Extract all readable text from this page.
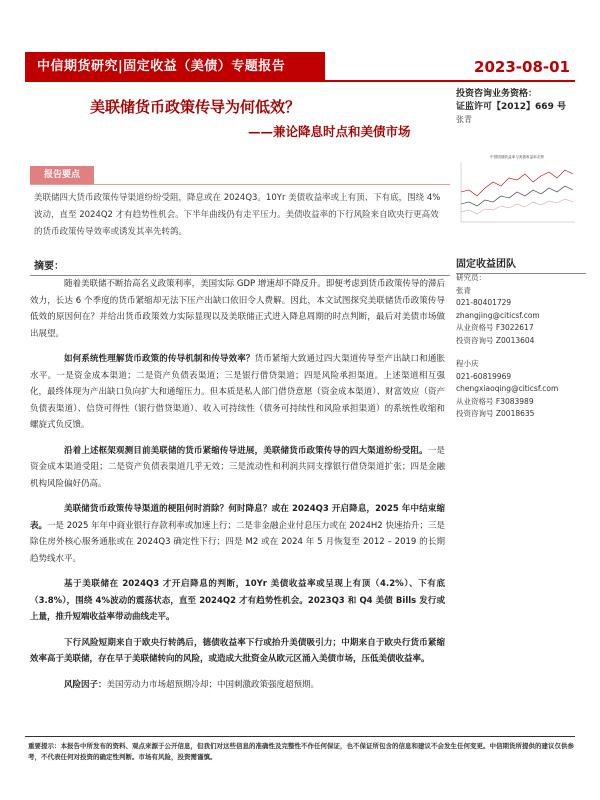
中信期货研究|固定收益（美债）专题报告	2023-08-01
美联储货币政策传导为何低效？
——兼论降息时点和美债市场
投资咨询业务资格：
证监许可【2012】669 号
张青
中国国债收益率与美债收益率走势
报告要点
美联储四大货币政策传导渠道纷纷受阻，降息或在 2024Q3。10Yr 美债收益率或上有顶、下有底，围绕 4%波动，直至 2024Q2 才有趋势性机会。下半年曲线仍有走平压力。美债收益率的下行风险来自欧央行更高效的货币政策传导效率或诱发其率先转鸽。
摘要：

随着美联储不断抬高名义政策利率，美国实际 GDP 增速却不降反升。即便考虑到货币政策传导的滞后效力，长达 6 个季度的货币紧缩却无法下压产出缺口依旧令人费解。因此，本文试图探究美联储货币政策传导低效的原因何在？并给出货币政策效力实际显现以及美联储正式进入降息周期的时点判断，最后对美债市场做出展望。

如何系统性理解货币政策的传导机制和传导效率？货币紧缩大致通过四大渠道传导至产出缺口和通胀水平。一是资金成本渠道；二是资产负债表渠道；三是银行借贷渠道；四是风险承担渠道。上述渠道相互强化，最终体现为产出缺口负向扩大和通缩压力。但本质是私人部门借贷意愿（资金成本渠道）、财富效应（资产负债表渠道）、信贷可得性（银行借贷渠道）、收入可持续性（债务可持续性和风险承担渠道）的系统性收缩和螺旋式负反馈。

沿着上述框架观测目前美联储的货币紧缩传导进展，美联储货币政策传导的四大渠道纷纷受阻。一是资金成本渠道受阻；二是资产负债表渠道几乎无效；三是流动性和利润共同支撑银行借贷渠道扩张；四是金融机构风险偏好仍高。

美联储货币政策传导渠道的梗阻何时消除？何时降息？或在 2024Q3 开启降息，2025 年中结束缩表。一是 2025 年年中商业银行存款利率或加速上行；二是非金融企业付息压力或在 2024H2 快速抬升；三是除住房外核心服务通胀或在 2024Q3 确定性下行；四是 M2 或在 2024 年 5 月恢复至 2012 – 2019 的长期趋势线水平。

基于美联储在 2024Q3 才开启降息的判断，10Yr 美债收益率或呈现上有顶（4.2%）、下有底（3.8%），围绕 4%波动的震荡状态，直至 2024Q2 才有趋势性机会。2023Q3 和 Q4 美债 Bills 发行或上量，推升短端收益率带动曲线走平。

下行风险短期来自于欧央行转鸽后，德债收益率下行或抬升美债吸引力；中期来自于欧央行货币紧缩效率高于美联储，存在早于美联储转向的风险，或造成大批资金从欧元区涌入美债市场，压低美债收益率。

风险因子：美国劳动力市场超预期冷却；中国刺激政策强度超预期。

固定收益团队
研究员：
张青
021-80401729
zhangjing@citicsf.com
从业资格号 F3022617
投资咨询号 Z0013604
程小庆
021-60819969
chengxiaoqing@citicsf.com
从业资格号 F3083989
投资咨询号 Z0018635
重要提示：本报告中所发布的资料、观点来源于公开信息，但我们对这些信息的准确性及完整性不作任何保证，也不保证所包含的信息和建议不会发生任何变更。中信期货所提供的建议仅供参考，不代表任何对投资的确定性判断。市场有风险，投资需谨慎。
